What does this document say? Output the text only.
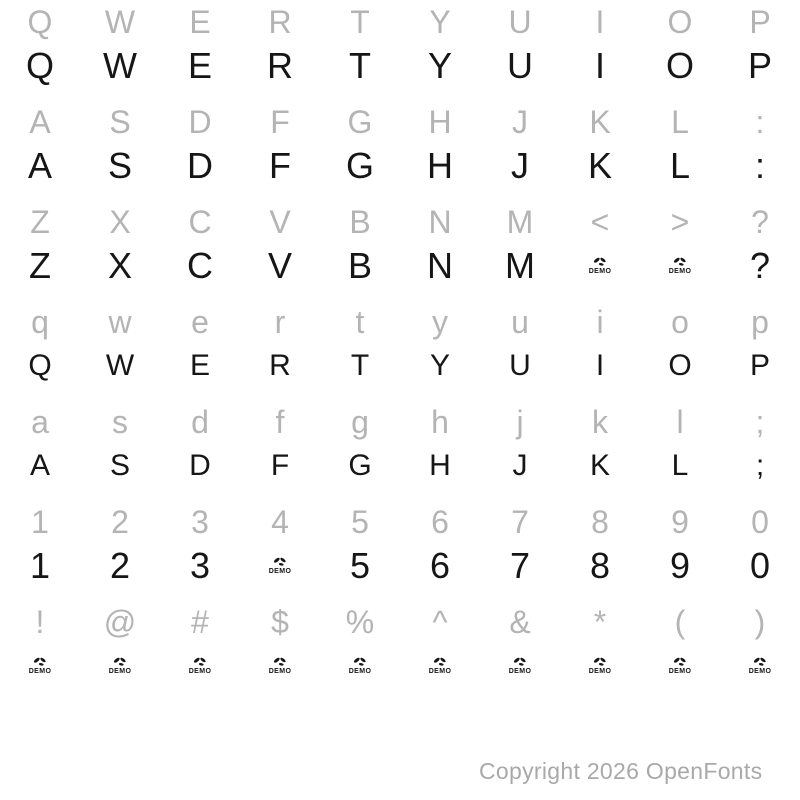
Q	W	E	R	T	Y	U	I	O	P
Q	W	E	R	T	Y	U	I	O	P
A	S	D	F	G	H	J	K	L	:
A	S	D	F	G	H	J	K	L	:
Z	X	C	V	B	N	M	<	>	?
Z	X	C	V	B	N	M	DEMO	DEMO	?
q	w	e	r	t	y	u	i	o	p
Q	W	E	R	T	Y	U	I	O	P
a	s	d	f	g	h	j	k	l	;
A	S	D	F	G	H	J	K	L	;
1	2	3	4	5	6	7	8	9	0
1	2	3	DEMO	5	6	7	8	9	0
!	@	#	$	%	^	&	*	(	)
DEMO	DEMO	DEMO	DEMO	DEMO	DEMO	DEMO	DEMO	DEMO	DEMO
Copyright 2026 OpenFonts
